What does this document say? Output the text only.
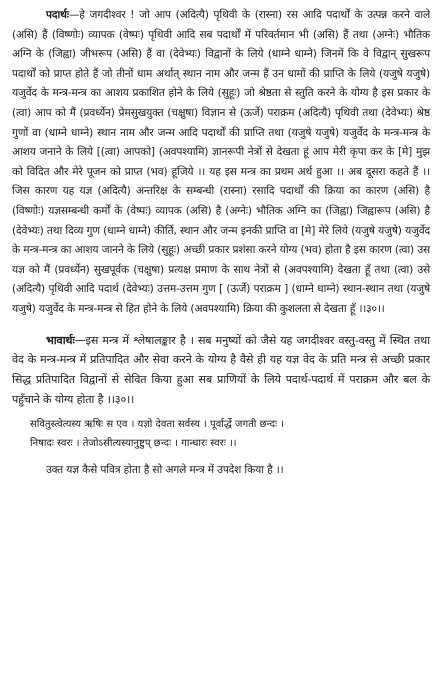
पदार्थः—हे जगदीश्वर ! जो आप (अदित्यै) पृथिवी के (रास्ना) रस आदि पदार्थों के उत्पन्न करने वाले (असि) हैं (विष्णोः) व्यापक (वेष्पः) पृथिवी आदि सब पदार्थों में परिवर्तमान भी (असि) हैं तथा (अग्नेः) भौतिक अग्नि के (जिह्वा) जीभरूप (असि) हैं वा (देवेभ्यः) विद्वानों के लिये (धाम्ने धाम्ने) जिनमें कि वे विद्वान् सुखरूप पदार्थों को प्राप्त होते हैं जो तीनों धाम अर्थात् स्थान नाम और जन्म हैं उन धामों की प्राप्ति के लिये (यजुषे यजुषे) यजुर्वेद के मन्त्र-मन्त्र का आशय प्रकाशित होने के लिये (सुहूः) जो श्रेष्ठता से स्तुति करने के योग्य है इस प्रकार के (त्वा) आप को मैं (प्रवर्ध्येन) प्रेमसुखयुक्त (चक्षुषा) विज्ञान से (ऊर्जे) पराक्रम (अदित्यै) पृथिवी तथा (देवेभ्यः) श्रेष्ठ गुणों वा (धाम्ने धाम्ने) स्थान नाम और जन्म आदि पदार्थों की प्राप्ति तथा (यजुषे यजुषे) यजुर्वेद के मन्त्र-मन्त्र के आशय जनाने के लिये [(त्वा) आपको] (अवपश्यामि) ज्ञानरूपी नेत्रों से देखता हूं आप मेरी कृपा कर के [मे] मुझ को विदित और मेरे पूजन को प्राप्त (भव) हूजिये ।। यह इस मन्त्र का प्रथम अर्थ हुआ ।। अब दूसरा कहते हैं ।। जिस कारण यह यज्ञ (अदित्यै) अन्तरिक्ष के सम्बन्धी (रास्ना) रसादि पदार्थों की क्रिया का कारण (असि) है (विष्णोः) यज्ञसम्बन्धी कर्मों के (वेष्पः) व्यापक (असि) है (अग्नेः) भौतिक अग्नि का (जिह्वा) जिह्वारूप (असि) है (देवेभ्यः) तथा दिव्य गुण (धाम्ने धाम्ने) कीर्ति, स्थान और जन्म इनकी प्राप्ति वा [मे] मेरे लिये (यजुषे यजुषे) यजुर्वेद के मन्त्र-मन्त्र का आशय जानने के लिये (सुहूः) अच्छी प्रकार प्रशंसा करने योग्य (भव) होता है इस कारण (त्वा) उस यज्ञ को मैं (प्रवर्ध्येन) सुखपूर्वक (चक्षुषा) प्रत्यक्ष प्रमाण के साथ नेत्रों से (अवपश्यामि) देखता हूँ तथा (त्वा) उसे (अदित्यै) पृथिवी आदि पदार्थ (देवेभ्यः) उत्तम-उत्तम गुण [ (ऊर्जे) पराक्रम ] (धाम्ने धाम्ने) स्थान-स्थान तथा (यजुषे यजुषे) यजुर्वेद के मन्त्र-मन्त्र से हित होने के लिये (अवपश्यामि) क्रिया की कुशलता से देखता हूँ ।।३०।।

भावार्थः—इस मन्त्र में श्लेषालङ्कार है । सब मनुष्यों को जैसे यह जगदीश्वर वस्तु-वस्तु में स्थित तथा वेद के मन्त्र-मन्त्र में प्रतिपादित और सेवा करने के योग्य है वैसे ही यह यज्ञ वेद के प्रति मन्त्र से अच्छी प्रकार सिद्ध प्रतिपादित विद्वानों से सेवित किया हुआ सब प्राणियों के लिये पदार्थ-पदार्थ में पराक्रम और बल के पहुँचाने के योग्य होता है ।।३०।।

सवितुस्त्वेत्यस्य ऋषिः स एव । यज्ञो देवता सर्वस्य । पूर्वार्द्धे जगती छन्दः ।
निषादः स्वरः । तेजोऽसीत्यस्यानुष्टुप् छन्दः । गान्धारः स्वरः ।।

उक्त यज्ञ कैसे पवित्र होता है सो अगले मन्त्र में उपदेश किया है ।।
